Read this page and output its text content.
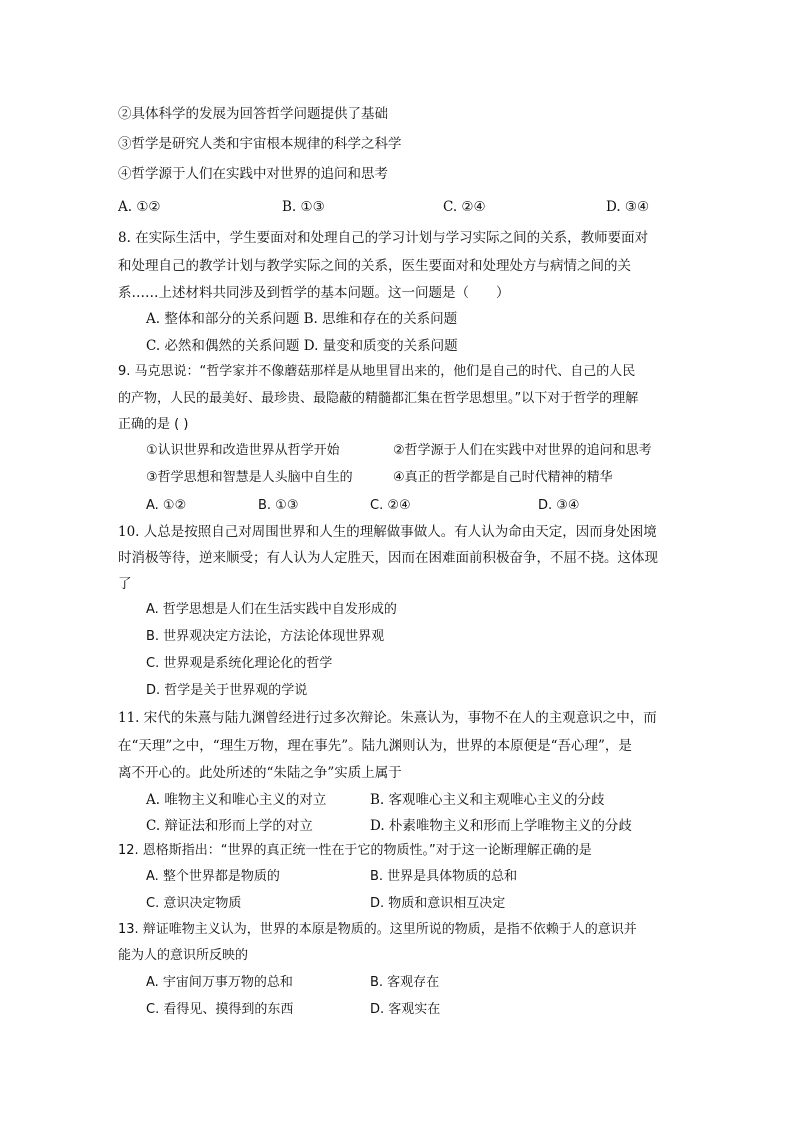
②具体科学的发展为回答哲学问题提供了基础
③哲学是研究人类和宇宙根本规律的科学之科学
④哲学源于人们在实践中对世界的追问和思考
A. ①②	B. ①③	C. ②④	D. ③④
8. 在实际生活中，学生要面对和处理自己的学习计划与学习实际之间的关系，教师要面对
和处理自己的教学计划与教学实际之间的关系，医生要面对和处理处方与病情之间的关
系……上述材料共同涉及到哲学的基本问题。这一问题是（　　）
A. 整体和部分的关系问题 B. 思维和存在的关系问题
C. 必然和偶然的关系问题 D. 量变和质变的关系问题
9. 马克思说：“哲学家并不像蘑菇那样是从地里冒出来的，他们是自己的时代、自己的人民
的产物，人民的最美好、最珍贵、最隐蔽的精髓都汇集在哲学思想里。”以下对于哲学的理解
正确的是 ( )
①认识世界和改造世界从哲学开始	②哲学源于人们在实践中对世界的追问和思考
③哲学思想和智慧是人头脑中自生的	④真正的哲学都是自己时代精神的精华
A. ①②	B. ①③	C. ②④	D. ③④
10. 人总是按照自己对周围世界和人生的理解做事做人。有人认为命由天定，因而身处困境
时消极等待，逆来顺受；有人认为人定胜天，因而在困难面前积极奋争，不屈不挠。这体现
了
A. 哲学思想是人们在生活实践中自发形成的
B. 世界观决定方法论，方法论体现世界观
C. 世界观是系统化理论化的哲学
D. 哲学是关于世界观的学说
11. 宋代的朱熹与陆九渊曾经进行过多次辩论。朱熹认为，事物不在人的主观意识之中，而
在“天理”之中，“理生万物，理在事先”。陆九渊则认为，世界的本原便是“吾心理”，是
离不开心的。此处所述的“朱陆之争”实质上属于
A. 唯物主义和唯心主义的对立	B. 客观唯心主义和主观唯心主义的分歧
C. 辩证法和形而上学的对立	D. 朴素唯物主义和形而上学唯物主义的分歧
12. 恩格斯指出：“世界的真正统一性在于它的物质性。”对于这一论断理解正确的是
A. 整个世界都是物质的	B. 世界是具体物质的总和
C. 意识决定物质	D. 物质和意识相互决定
13. 辩证唯物主义认为，世界的本原是物质的。这里所说的物质，是指不依赖于人的意识并
能为人的意识所反映的
A. 宇宙间万事万物的总和	B. 客观存在
C. 看得见、摸得到的东西	D. 客观实在
